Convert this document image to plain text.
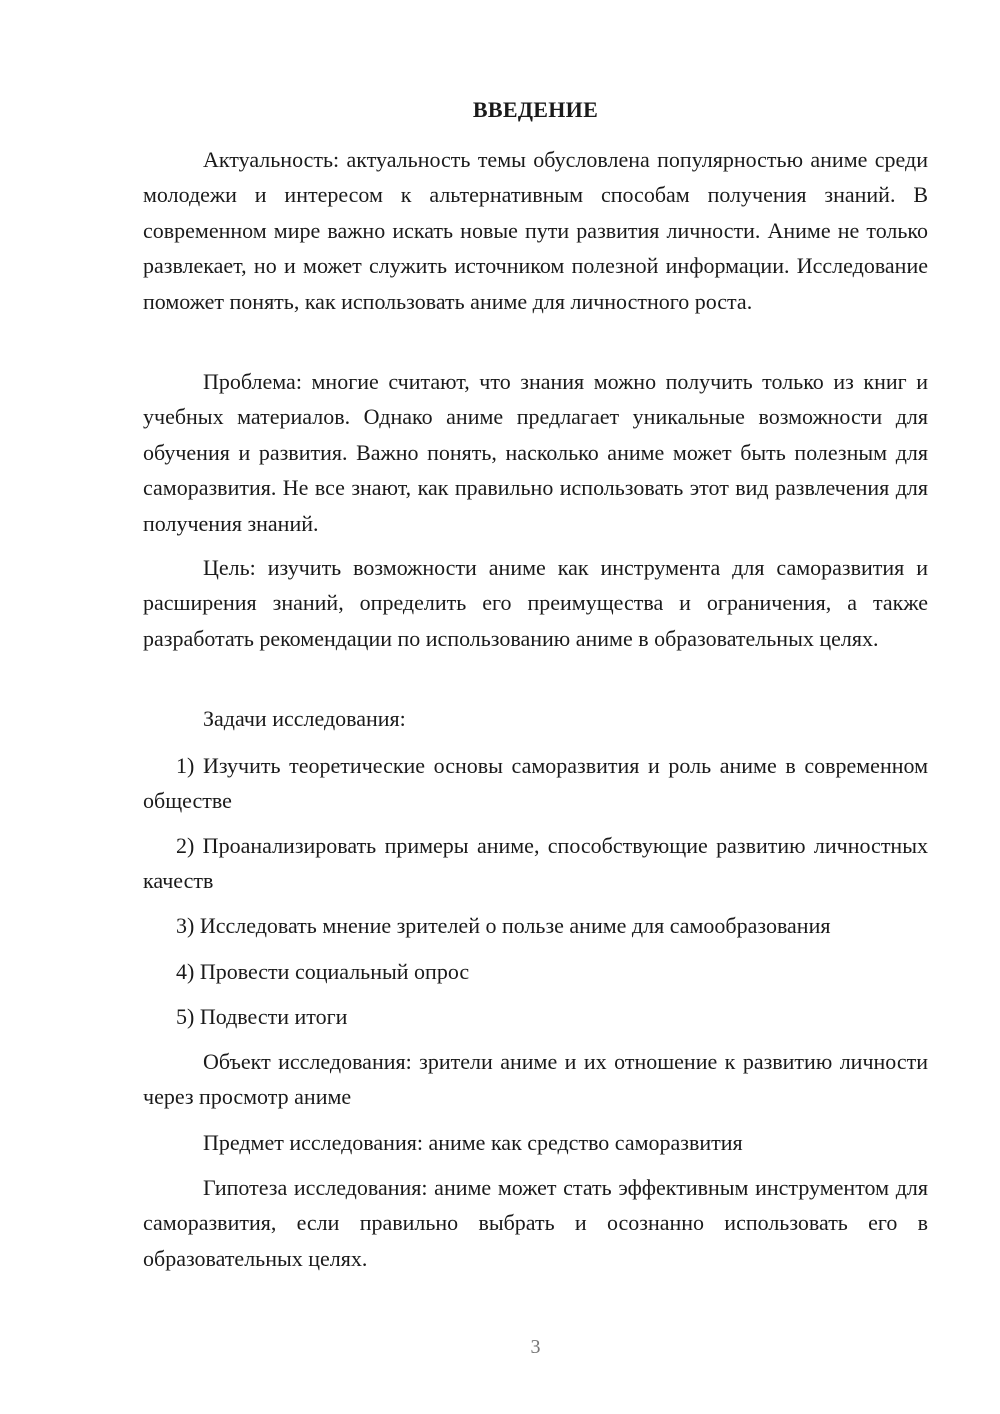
ВВЕДЕНИЕ

Актуальность: актуальность темы обусловлена популярностью аниме среди молодежи и интересом к альтернативным способам получения знаний. В современном мире важно искать новые пути развития личности. Аниме не только развлекает, но и может служить источником полезной информации. Исследование поможет понять, как использовать аниме для личностного роста.

Проблема: многие считают, что знания можно получить только из книг и учебных материалов. Однако аниме предлагает уникальные возможности для обучения и развития. Важно понять, насколько аниме может быть полезным для саморазвития. Не все знают, как правильно использовать этот вид развлечения для получения знаний.

Цель: изучить возможности аниме как инструмента для саморазвития и расширения знаний, определить его преимущества и ограничения, а также разработать рекомендации по использованию аниме в образовательных целях.

Задачи исследования:

1) Изучить теоретические основы саморазвития и роль аниме в современном обществе

2) Проанализировать примеры аниме, способствующие развитию личностных качеств

3) Исследовать мнение зрителей о пользе аниме для самообразования

4) Провести социальный опрос

5) Подвести итоги

Объект исследования: зрители аниме и их отношение к развитию личности через просмотр аниме

Предмет исследования: аниме как средство саморазвития

Гипотеза исследования: аниме может стать эффективным инструментом для саморазвития, если правильно выбрать и осознанно использовать его в образовательных целях.

3
